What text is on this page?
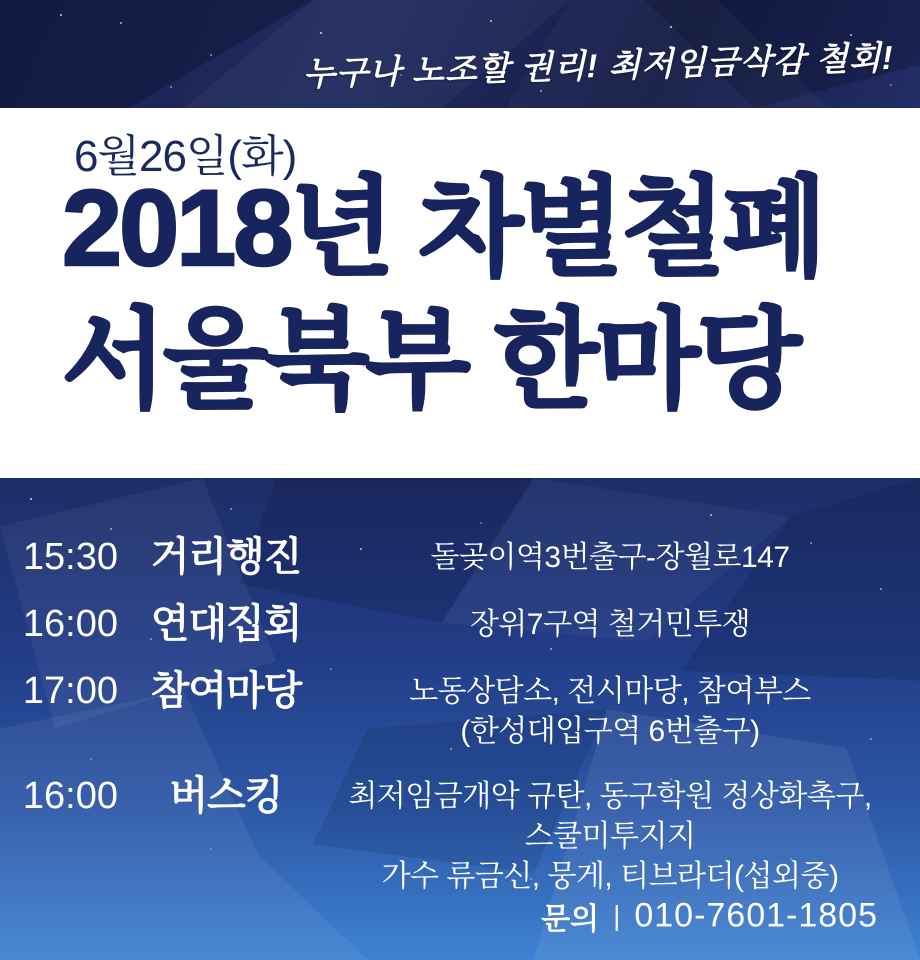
누구나 노조할 권리! 최저임금삭감 철회!
6월26일(화)
2018년 차별철폐
서울북부 한마당
15:30 거리행진	돌곶이역3번출구-장월로147
16:00 연대집회	장위7구역 철거민투쟁
17:00 참여마당	노동상담소, 전시마당, 참여부스
(한성대입구역 6번출구)
16:00	버스킹	최저임금개악 규탄, 동구학원 정상화촉구,
스쿨미투지지
가수 류금신, 뭉게, 티브라더(섭외중)
문의 | 010-7601-1805
